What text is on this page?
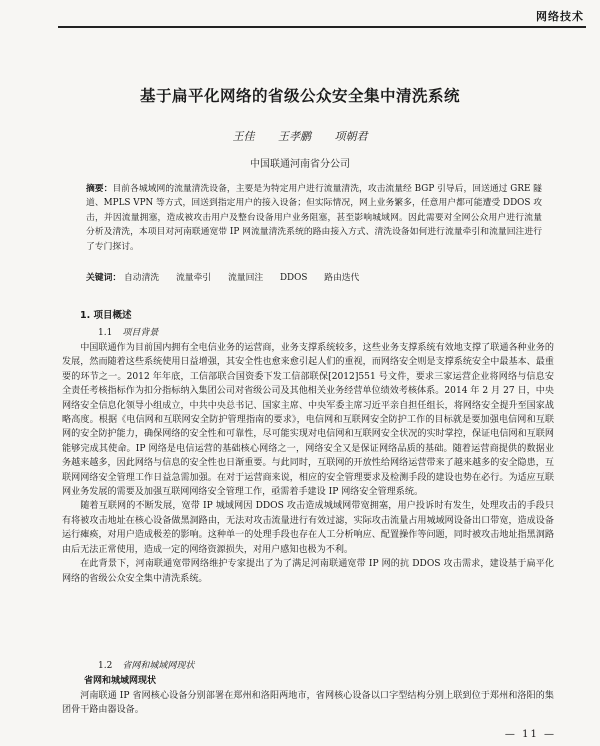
网络技术
基于扁平化网络的省级公众安全集中清洗系统
王佳 王孝鹏 项朝君
中国联通河南省分公司
摘要：目前各城域网的流量清洗设备，主要是为特定用户进行流量清洗，攻击流量经 BGP 引导后，回送通过 GRE 隧道、MPLS VPN 等方式，回送到指定用户的接入设备；但实际情况，网上业务繁多，任意用户都可能遭受 DDOS 攻击，并因流量拥塞，造成被攻击用户及整台设备用户业务阻塞，甚至影响城域网。因此需要对全网公众用户进行流量分析及清洗，本项目对河南联通宽带 IP 网流量清洗系统的路由接入方式、清洗设备如何进行流量牵引和流量回注进行了专门探讨。
关键词： 自动清洗 流量牵引 流量回注 DDOS 路由迭代
1. 项目概述
1.1 项目背景

中国联通作为目前国内拥有全电信业务的运营商，业务支撑系统较多，这些业务支撑系统有效地支撑了联通各种业务的发展，然而随着这些系统使用日益增强，其安全性也愈来愈引起人们的重视，而网络安全则是支撑系统安全中最基本、最重要的环节之一。2012 年年底，工信部联合国资委下发工信部联保[2012]551 号文件，要求三家运营企业将网络与信息安全责任考核指标作为扣分指标纳入集团公司对省级公司及其他相关业务经营单位绩效考核体系。2014 年 2 月 27 日，中央网络安全信息化领导小组成立，中共中央总书记、国家主席、中央军委主席习近平亲自担任组长，将网络安全提升至国家战略高度。根据《电信网和互联网安全防护管理指南的要求》，电信网和互联网安全防护工作的目标就是要加强电信网和互联网的安全防护能力，确保网络的安全性和可靠性，尽可能实现对电信网和互联网安全状况的实时掌控，保证电信网和互联网能够完成其使命。IP 网络是电信运营的基础核心网络之一，网络安全又是保证网络品质的基础。随着运营商提供的数据业务越来越多，因此网络与信息的安全性也日渐重要。与此同时，互联网的开放性给网络运营带来了越来越多的安全隐患，互联网网络安全管理工作日益急需加强。在对于运营商来说，相应的安全管理要求及检测手段的建设也势在必行。为适应互联网业务发展的需要及加强互联网网络安全管理工作，亟需着手建设 IP 网络安全管理系统。

随着互联网的不断发展，宽带 IP 城域网因 DDOS 攻击造成城域网带宽拥塞，用户投诉时有发生，处理攻击的手段只有将被攻击地址在核心设备做黑洞路由，无法对攻击流量进行有效过滤，实际攻击流量占用城域网设备出口带宽，造成设备运行瘫痪，对用户造成极差的影响。这种单一的处理手段也存在人工分析响应、配置操作等问题，同时被攻击地址指黑洞路由后无法正常使用，造成一定的网络资源损失，对用户感知也极为不利。

在此背景下，河南联通宽带网络维护专家提出了为了满足河南联通宽带 IP 网的抗 DDOS 攻击需求，建设基于扁平化网络的省级公众安全集中清洗系统。

1.2 省网和城域网现状
省网和城域网现状

河南联通 IP 省网核心设备分别部署在郑州和洛阳两地市，省网核心设备以口字型结构分别上联到位于郑州和洛阳的集团骨干路由器设备。

— 11 —
